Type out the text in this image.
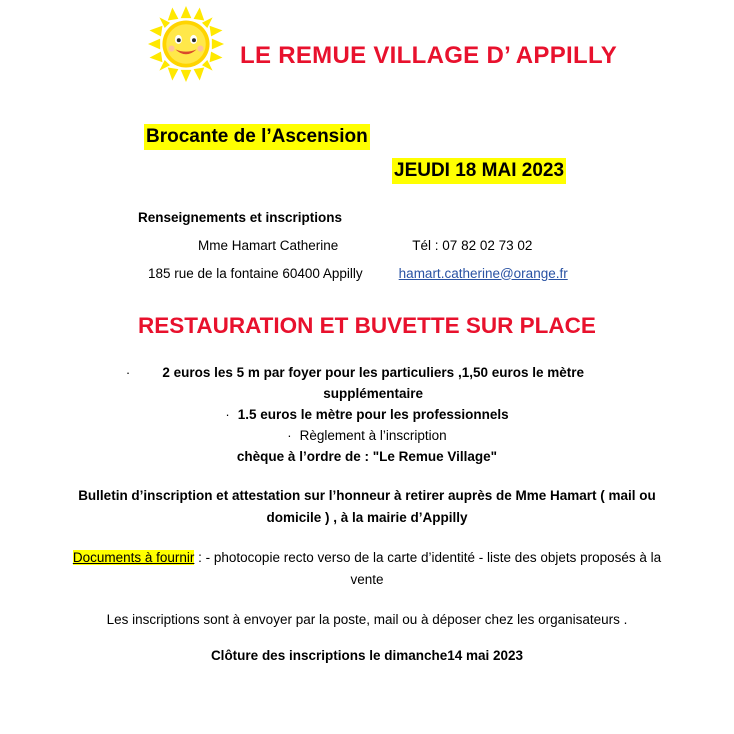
LE REMUE VILLAGE D’ APPILLY
Brocante de l’Ascension
JEUDI 18 MAI 2023
Renseignements et inscriptions
Mme Hamart Catherine	Tél : 07 82 02 73 02
185 rue de la fontaine 60400 Appilly	hamart.catherine@orange.fr
RESTAURATION ET BUVETTE SUR PLACE
·	2 euros les 5 m par foyer pour les particuliers ,1,50 euros le mètre supplémentaire
· 1.5 euros le mètre pour les professionnels
· Règlement à l’inscription
chèque à l’ordre de : "Le Remue Village"
Bulletin d’inscription et attestation sur l’honneur à retirer auprès de Mme Hamart ( mail ou domicile ) , à la mairie d’Appilly
Documents à fournir : - photocopie recto verso de la carte d’identité - liste des objets proposés à la vente
Les inscriptions sont à envoyer par la poste, mail ou à déposer chez les organisateurs .
Clôture des inscriptions le dimanche14 mai 2023
